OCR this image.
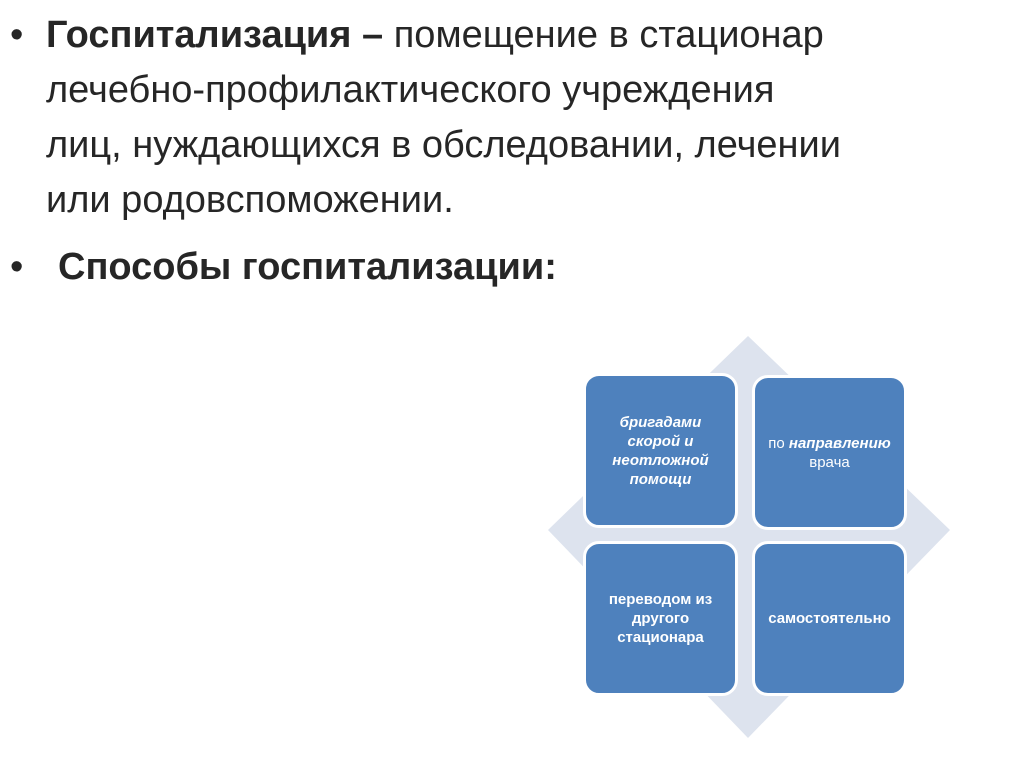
• Госпитализация – помещение в стационар лечебно-профилактического учреждения лиц, нуждающихся в обследовании, лечении или родовспоможении.
• Способы госпитализации:
бригадами скорой и неотложной помощи
по направлению
врача
переводом из другого стационара
самостоятельно
